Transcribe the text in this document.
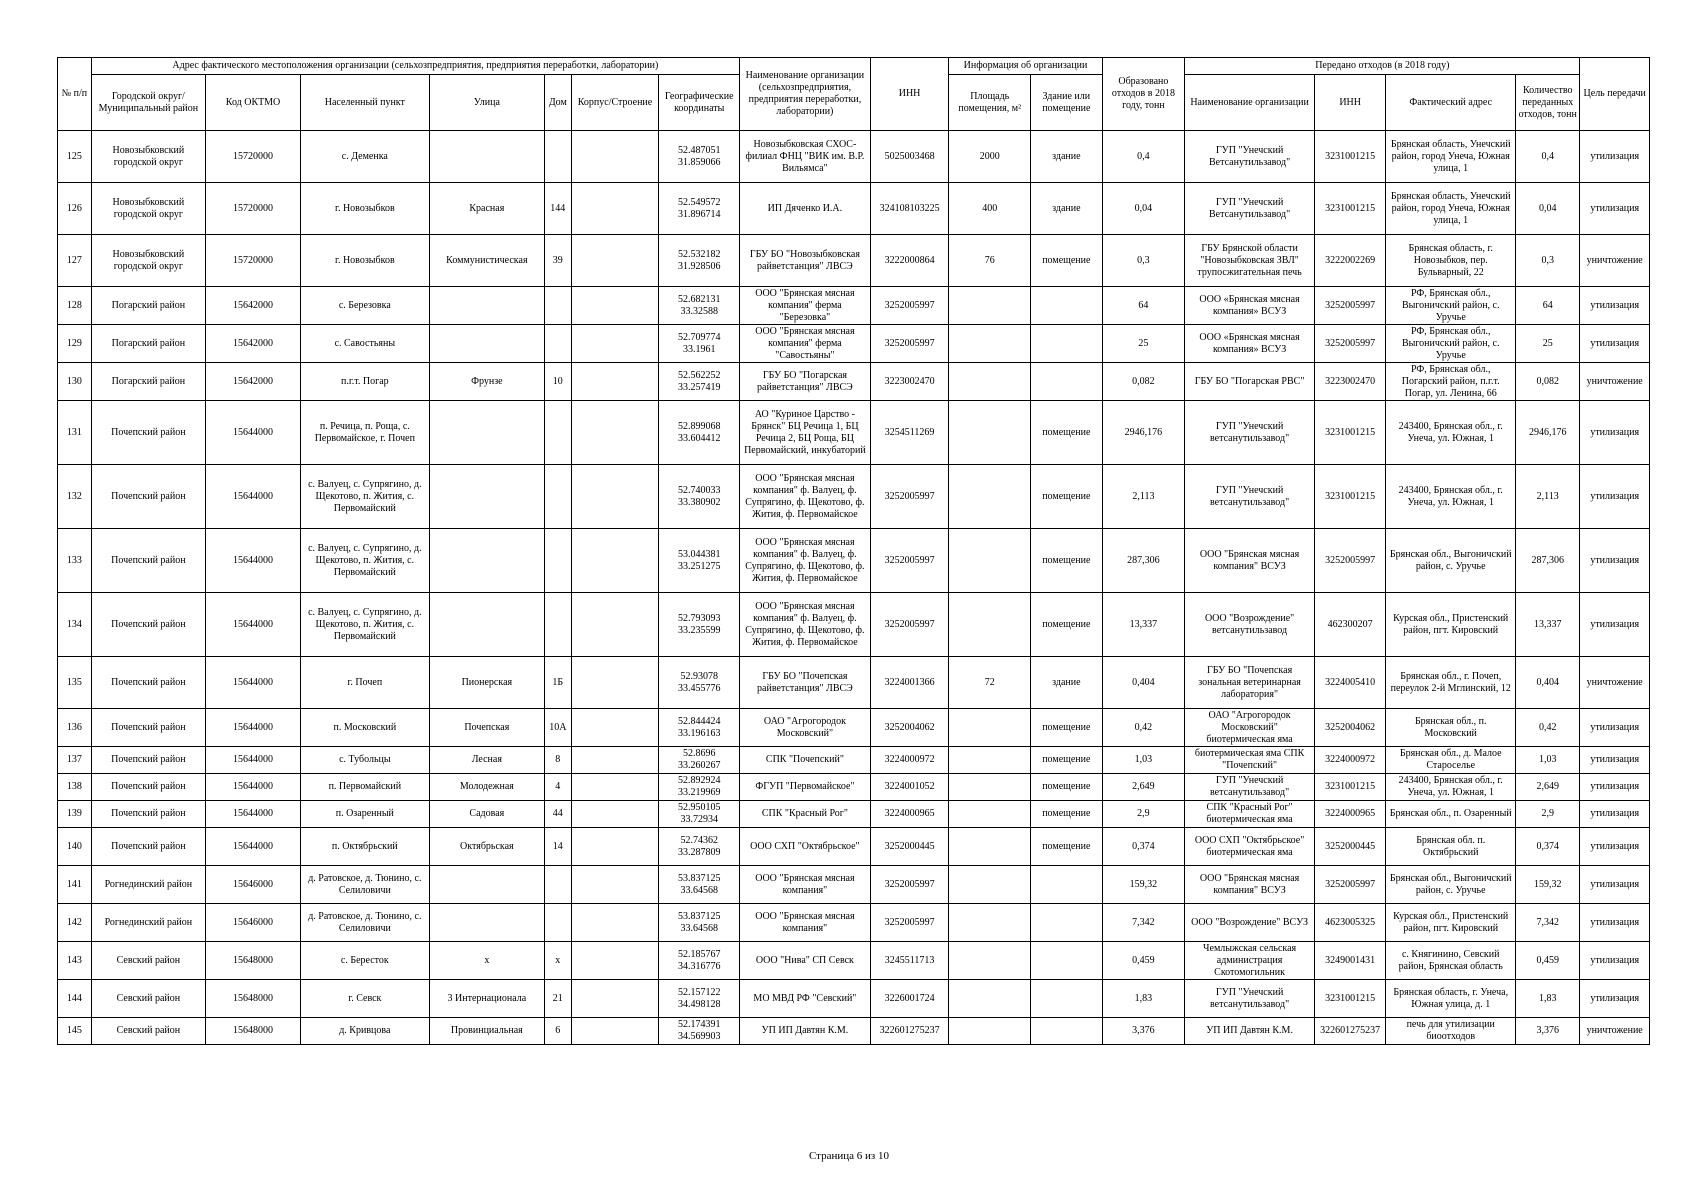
№ п/п	Адрес фактического местоположения организации (сельхозпредприятия, предприятия переработки, лаборатории)							Наименование организации (сельхозпредприятия, предприятия переработки, лаборатории)	ИНН	Информация об организации		Образовано отходов в 2018 году, тонн	Передано отходов (в 2018 году)				Цель передачи
	Городской округ/Муниципальный район	Код ОКТМО	Населенный пункт	Улица	Дом	Корпус/Строение	Географические координаты			Площадь помещения, м²	Здание или помещение		Наименование организации	ИНН	Фактический адрес	Количество переданных отходов, тонн	
125	Новозыбковский городской округ	15720000	с. Деменка				52.487051 31.859066	Новозыбковская СХОС-филиал ФНЦ "ВИК им. В.Р. Вильямса"	5025003468	2000	здание	0,4	ГУП "Унечский Ветсанутильзавод"	3231001215	Брянская область, Унечский район, город Унеча, Южная улица, 1	0,4	утилизация
126	Новозыбковский городской округ	15720000	г. Новозыбков	Красная	144		52.549572 31.896714	ИП Дяченко И.А.	324108103225	400	здание	0,04	ГУП "Унечский Ветсанутильзавод"	3231001215	Брянская область, Унечский район, город Унеча, Южная улица, 1	0,04	утилизация
127	Новозыбковский городской округ	15720000	г. Новозыбков	Коммунистическая	39		52.532182 31.928506	ГБУ БО "Новозыбковская райветстанция" ЛВСЭ	3222000864	76	помещение	0,3	ГБУ Брянской области "Новозыбковская ЗВЛ" трупосжигательная печь	3222002269	Брянская область, г. Новозыбков, пер. Бульварный, 22	0,3	уничтожение
128	Погарский район	15642000	с. Березовка				52.682131 33.32588	ООО "Брянская мясная компания" ферма "Березовка"	3252005997			64	ООО «Брянская мясная компания» ВСУЗ	3252005997	РФ, Брянская обл., Выгоничский район, с. Уручье	64	утилизация
129	Погарский район	15642000	с. Савостьяны				52.709774 33.1961	ООО "Брянская мясная компания" ферма "Савостьяны"	3252005997			25	ООО «Брянская мясная компания» ВСУЗ	3252005997	РФ, Брянская обл., Выгоничский район, с. Уручье	25	утилизация
130	Погарский район	15642000	п.г.т. Погар	Фрунзе	10		52.562252 33.257419	ГБУ БО "Погарская райветстанция" ЛВСЭ	3223002470			0,082	ГБУ БО "Погарская РВС"	3223002470	РФ, Брянская обл., Погарский район, п.г.т. Погар, ул. Ленина, 66	0,082	уничтожение
131	Почепский район	15644000	п. Речица, п. Роща, с. Первомайское, г. Почеп				52.899068 33.604412	АО "Куриное Царство - Брянск" БЦ Речица 1, БЦ Речица 2, БЦ Роща, БЦ Первомайский, инкубаторий	3254511269		помещение	2946,176	ГУП "Унечский ветсанутильзавод"	3231001215	243400, Брянская обл., г. Унеча, ул. Южная, 1	2946,176	утилизация
132	Почепский район	15644000	с. Валуец, с. Супрягино, д. Щекотово, п. Жития, с. Первомайский				52.740033 33.380902	ООО "Брянская мясная компания" ф. Валуец, ф. Супрягино, ф. Щекотово, ф. Жития, ф. Первомайское	3252005997		помещение	2,113	ГУП "Унечский ветсанутильзавод"	3231001215	243400, Брянская обл., г. Унеча, ул. Южная, 1	2,113	утилизация
133	Почепский район	15644000	с. Валуец, с. Супрягино, д. Щекотово, п. Жития, с. Первомайский				53.044381 33.251275	ООО "Брянская мясная компания" ф. Валуец, ф. Супрягино, ф. Щекотово, ф. Жития, ф. Первомайское	3252005997		помещение	287,306	ООО "Брянская мясная компания" ВСУЗ	3252005997	Брянская обл., Выгоничский район, с. Уручье	287,306	утилизация
134	Почепский район	15644000	с. Валуец, с. Супрягино, д. Щекотово, п. Жития, с. Первомайский				52.793093 33.235599	ООО "Брянская мясная компания" ф. Валуец, ф. Супрягино, ф. Щекотово, ф. Жития, ф. Первомайское	3252005997		помещение	13,337	ООО "Возрождение" ветсанутильзавод	462300207	Курская обл., Пристенский район, пгт. Кировский	13,337	утилизация
135	Почепский район	15644000	г. Почеп	Пионерская	1Б		52.93078 33.455776	ГБУ БО "Почепская райветстанция" ЛВСЭ	3224001366	72	здание	0,404	ГБУ БО "Почепская зональная ветеринарная лаборатория"	3224005410	Брянская обл., г. Почеп, переулок 2-й Мглинский, 12	0,404	уничтожение
136	Почепский район	15644000	п. Московский	Почепская	10А		52.844424 33.196163	ОАО "Агрогородок Московский"	3252004062		помещение	0,42	ОАО "Агрогородок Московский" биотермическая яма	3252004062	Брянская обл., п. Московский	0,42	утилизация
137	Почепский район	15644000	с. Тубольцы	Лесная	8		52.8696 33.260267	СПК "Почепский"	3224000972		помещение	1,03	биотермическая яма СПК "Почепский"	3224000972	Брянская обл., д. Малое Староселье	1,03	утилизация
138	Почепский район	15644000	п. Первомайский	Молодежная	4		52.892924 33.219969	ФГУП "Первомайское"	3224001052		помещение	2,649	ГУП "Унечский ветсанутильзавод"	3231001215	243400, Брянская обл., г. Унеча, ул. Южная, 1	2,649	утилизация
139	Почепский район	15644000	п. Озаренный	Садовая	44		52.950105 33.72934	СПК "Красный Рог"	3224000965		помещение	2,9	СПК "Красный Рог" биотермическая яма	3224000965	Брянская обл., п. Озаренный	2,9	утилизация
140	Почепский район	15644000	п. Октябрьский	Октябрьская	14		52.74362 33.287809	ООО СХП "Октябрьское"	3252000445		помещение	0,374	ООО СХП "Октябрьское" биотермическая яма	3252000445	Брянская обл. п. Октябрьский	0,374	утилизация
141	Рогнединский район	15646000	д. Ратовское, д. Тюнино, с. Селиловичи				53.837125 33.64568	ООО "Брянская мясная компания"	3252005997			159,32	ООО "Брянская мясная компания" ВСУЗ	3252005997	Брянская обл., Выгоничский район, с. Уручье	159,32	утилизация
142	Рогнединский район	15646000	д. Ратовское, д. Тюнино, с. Селиловичи				53.837125 33.64568	ООО "Брянская мясная компания"	3252005997			7,342	ООО "Возрождение" ВСУЗ	4623005325	Курская обл., Пристенский район, пгт. Кировский	7,342	утилизация
143	Севский район	15648000	с. Бересток	х	х		52.185767 34.316776	ООО "Нива" СП Севск	3245511713			0,459	Чемлыжская сельская администрация Скотомогильник	3249001431	с. Княгинино, Севский район, Брянская область	0,459	утилизация
144	Севский район	15648000	г. Севск	3 Интернационала	21		52.157122 34.498128	МО МВД РФ "Севский"	3226001724			1,83	ГУП "Унечский ветсанутильзавод"	3231001215	Брянская область, г. Унеча, Южная улица, д. 1	1,83	утилизация
145	Севский район	15648000	д. Кривцова	Провинциальная	6		52.174391 34.569903	УП ИП Давтян К.М.	322601275237			3,376	УП ИП Давтян К.М.	322601275237	печь для утилизации биоотходов	3,376	уничтожение
Страница 6 из 10
